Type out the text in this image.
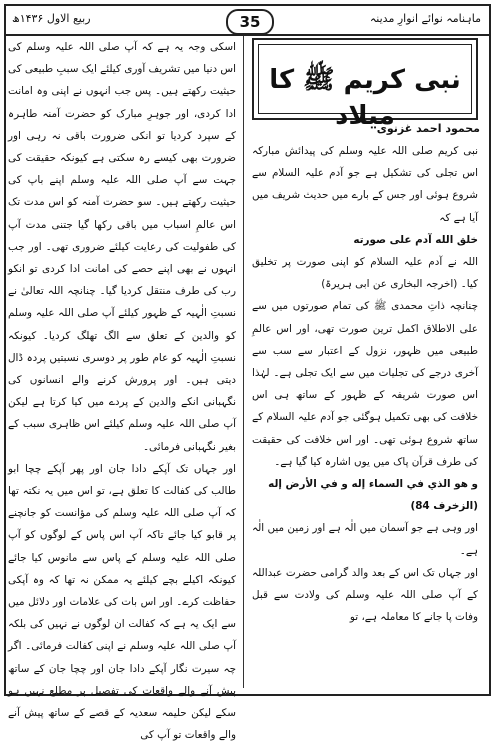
ربیع الاول ۱۴۳۶ھ	35	ماہنامہ نوائے انوارِ مدینہ
نبی کریم ﷺ کا میلاد
محمود احمد غزنوی

نبی کریم صلی اللہ علیہ وسلم کی پیدائش مبارکہ اس تجلی کی تشکیل ہے جو آدم علیہ السلام سے شروع ہوئی اور جس کے بارے میں حدیث شریف میں آیا ہے کہ

خلق الله آدم على صورته

اللہ نے آدم علیہ السلام کو اپنی صورت پر تخلیق کیا۔ (اخرجہ البخاری عن ابی ہریرۃ)

چنانچہ ذاتِ محمدی ﷺ کی تمام صورتوں میں سے علی الاطلاق اکمل ترین صورت تھی، اور اس عالمِ طبیعی میں ظہور، نزول کے اعتبار سے سب سے آخری درجے کی تجلیات میں سے ایک تجلی ہے۔ لہٰذا اس صورت شریفہ کے ظہور کے ساتھ ہی اس خلافت کی بھی تکمیل ہوگئی جو آدم علیہ السلام کے ساتھ شروع ہوئی تھی۔ اور اس خلافت کی حقیقت کی طرف قرآن پاک میں یوں اشارہ کیا گیا ہے۔

و هو الذي في السماء إله و في الأرض إله

(الزخرف 84)

اور وہی ہے جو آسمان میں الٰہ ہے اور زمین میں الٰہ ہے۔

اور جہاں تک اس کے بعد والد گرامی حضرت عبداللہ کے آپ صلی اللہ علیہ وسلم کی ولادت سے قبل وفات پا جانے کا معاملہ ہے، تو

اسکی وجہ یہ ہے کہ آپ صلی اللہ علیہ وسلم کی اس دنیا میں تشریف آوری کیلئے ایک سببِ طبیعی کی حیثیت رکھتے ہیں۔ پس جب انہوں نے اپنی وہ امانت ادا کردی، اور جوہرِ مبارک کو حضرت آمنہ طاہرہ کے سپرد کردیا تو انکی ضرورت باقی نہ رہی اور ضرورت بھی کیسے رہ سکتی ہے کیونکہ حقیقت کی جہت سے آپ صلی اللہ علیہ وسلم اپنے باپ کی حیثیت رکھتے ہیں۔ سو حضرت آمنہ کو اس مدت تک اس عالمِ اسباب میں باقی رکھا گیا جتنی مدت آپ کی طفولیت کی رعایت کیلئے ضروری تھی۔ اور جب انہوں نے بھی اپنے حصے کی امانت ادا کردی تو انکو رب کی طرف منتقل کردیا گیا۔ چنانچہ اللہ تعالیٰ نے نسبتِ الٰہیہ کے ظہور کیلئے آپ صلی اللہ علیہ وسلم کو والدین کے تعلق سے الگ تھلگ کردیا۔ کیونکہ نسبتِ الٰہیہ کو عام طور پر دوسری نسبتیں پردہ ڈال دیتی ہیں۔ اور پرورش کرنے والے انسانوں کی نگہبانی انکے والدین کے پردے میں کیا کرتا ہے لیکن آپ صلی اللہ علیہ وسلم کیلئے اس ظاہری سبب کے بغیر نگہبانی فرمائی۔

اور جہاں تک آپکے دادا جان اور پھر آپکے چچا ابو طالب کی کفالت کا تعلق ہے، تو اس میں یہ نکتہ تھا کہ آپ صلی اللہ علیہ وسلم کی مؤانست کو جانچنے پر قابو کیا جائے تاکہ آپ اس پاس کے لوگوں کو آپ صلی اللہ علیہ وسلم کے پاس سے مانوس کیا جائے کیونکہ اکیلے بچے کیلئے یہ ممکن نہ تھا کہ وہ آپکی حفاظت کرے۔ اور اس بات کی علامات اور دلائل میں سے ایک یہ ہے کہ کفالت ان لوگوں نے نہیں کی بلکہ آپ صلی اللہ علیہ وسلم نے اپنی کفالت فرمائی۔ اگر چہ سیرت نگار آپکے دادا جان اور چچا جان کے ساتھ پیش آنے والے واقعات کی تفصیل پر مطلع نہیں ہو سکے لیکن حلیمہ سعدیہ کے قصے کے ساتھ پیش آنے والے واقعات تو آپ کی
